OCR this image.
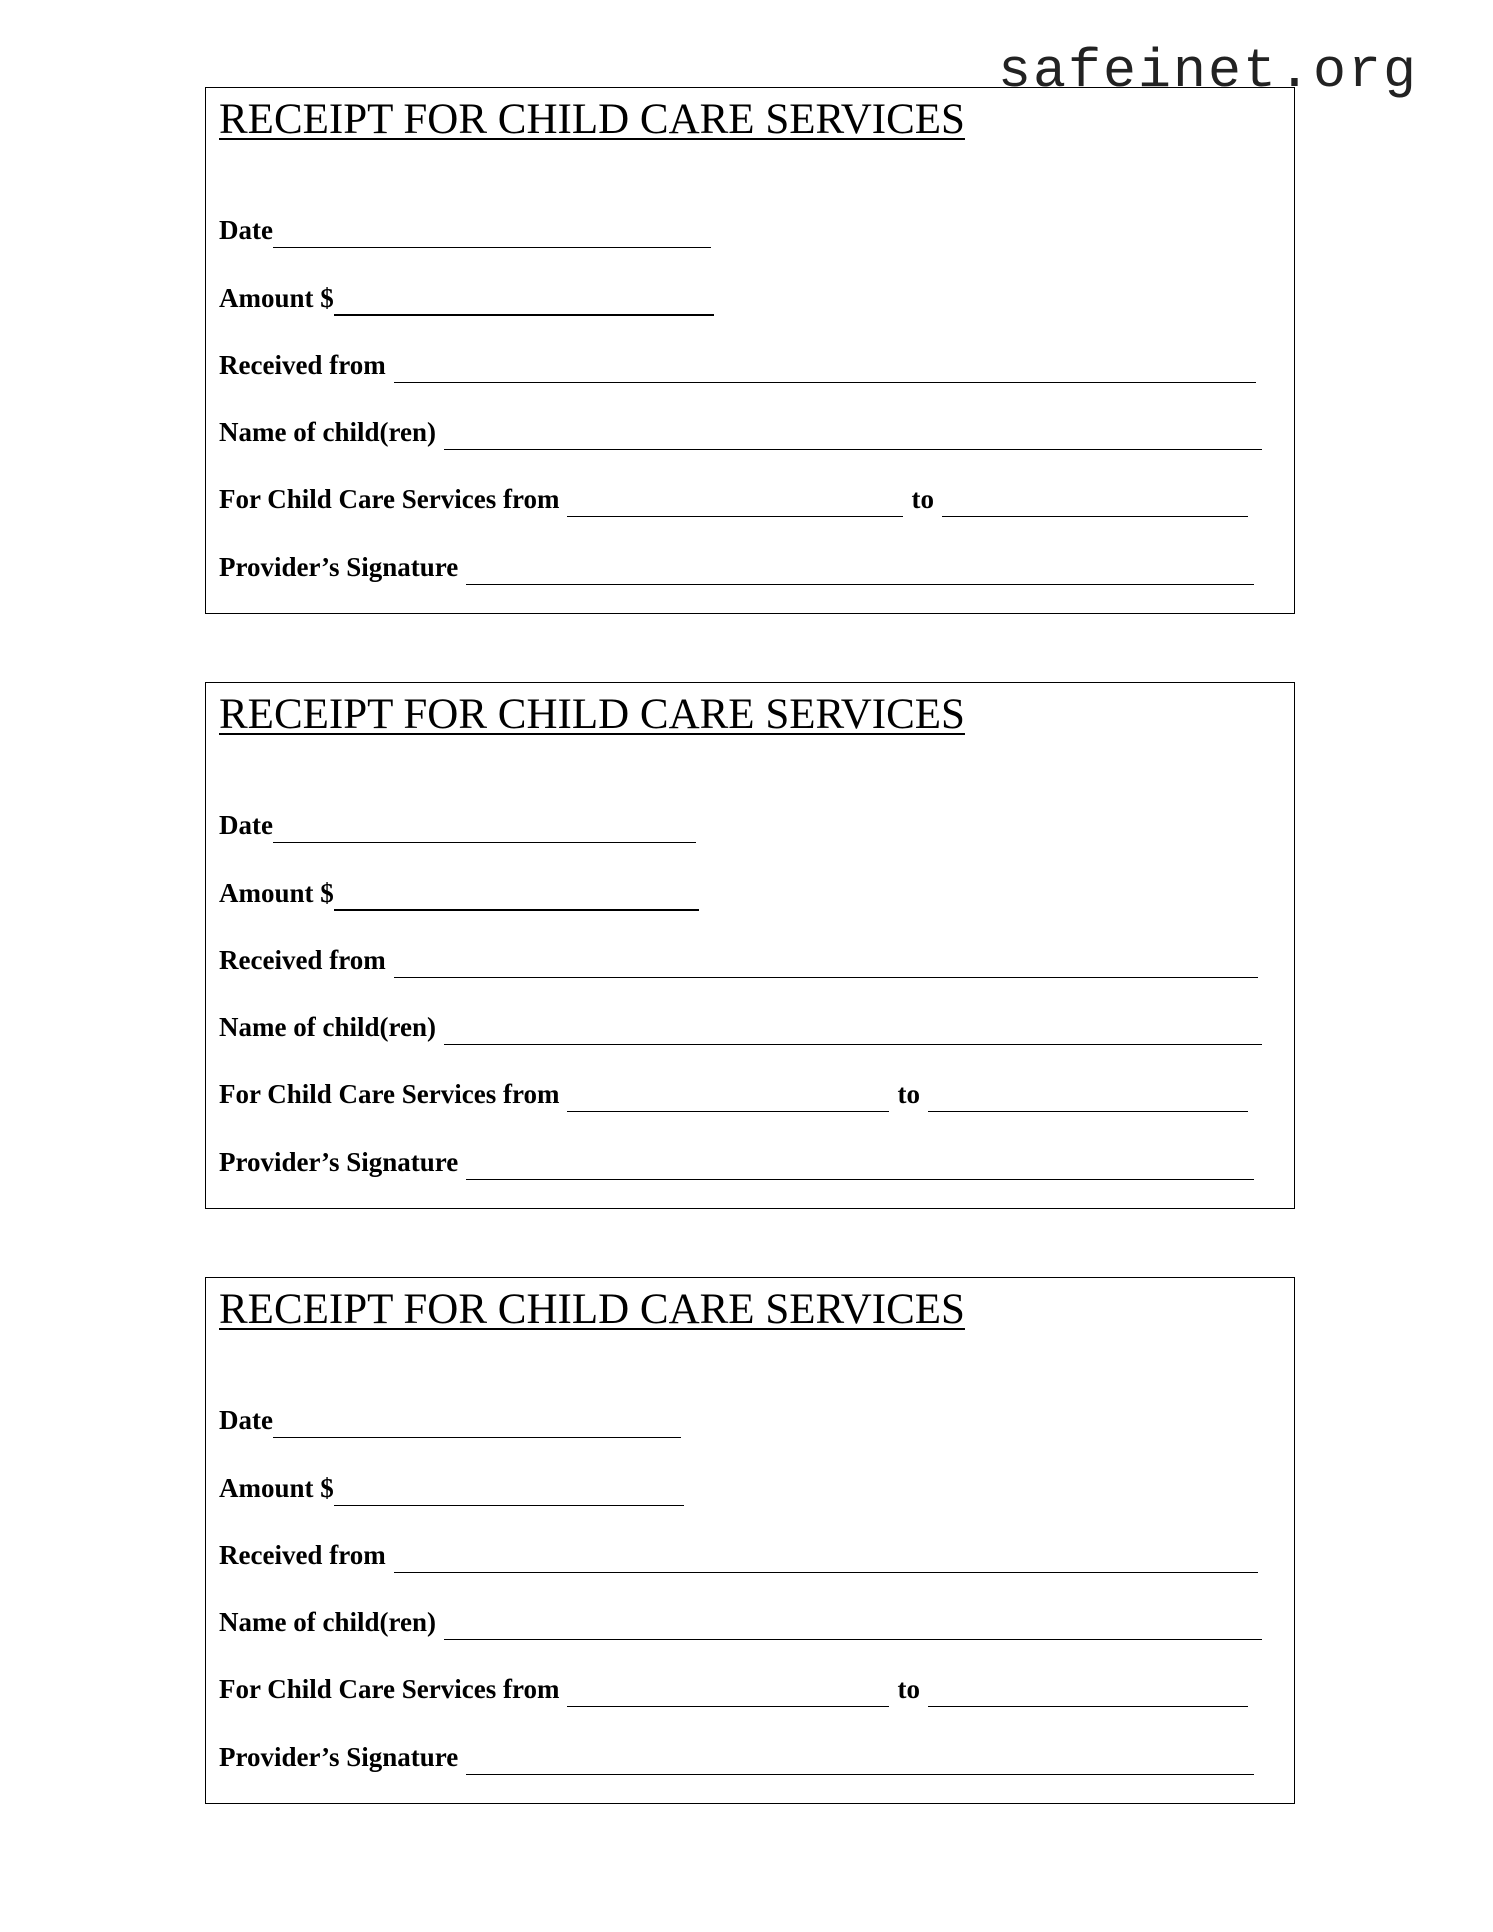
safeinet.org
RECEIPT FOR CHILD CARE SERVICES
Date
Amount $
Received from
Name of child(ren)
For Child Care Services from	to
Provider’s Signature
RECEIPT FOR CHILD CARE SERVICES
Date
Amount $
Received from
Name of child(ren)
For Child Care Services from	to
Provider’s Signature
RECEIPT FOR CHILD CARE SERVICES
Date
Amount $
Received from
Name of child(ren)
For Child Care Services from	to
Provider’s Signature
